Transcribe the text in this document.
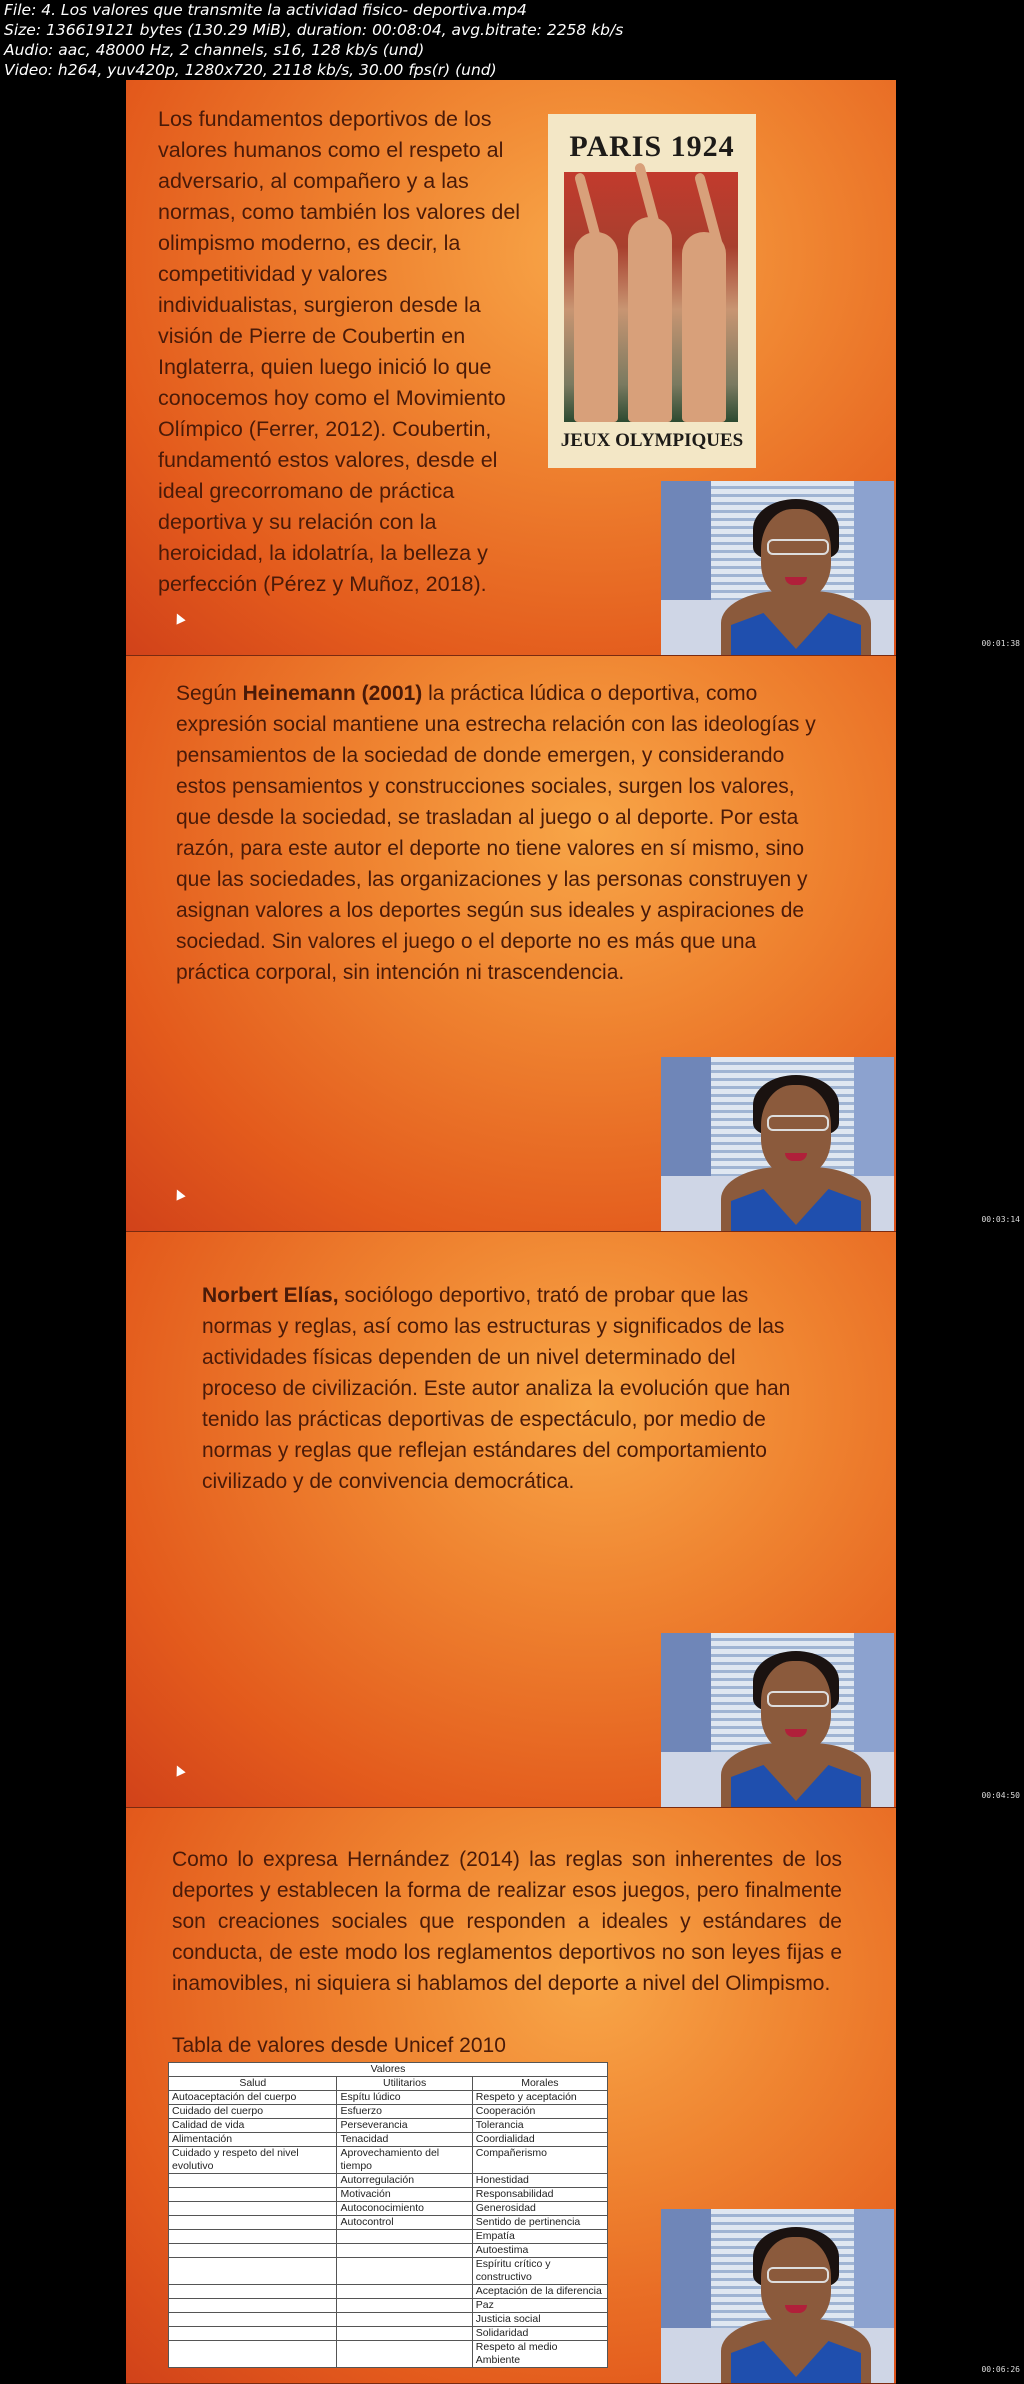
File: 4. Los valores que transmite la actividad fisico- deportiva.mp4
Size: 136619121 bytes (130.29 MiB), duration: 00:08:04, avg.bitrate: 2258 kb/s
Audio: aac, 48000 Hz, 2 channels, s16, 128 kb/s (und)
Video: h264, yuv420p, 1280x720, 2118 kb/s, 30.00 fps(r) (und)
Los fundamentos deportivos de los valores humanos como el respeto al adversario, al compañero y a las normas, como también los valores del olimpismo moderno, es decir, la competitividad y valores individualistas, surgieron desde la visión de Pierre de Coubertin en Inglaterra, quien luego inició lo que conocemos hoy como el Movimiento Olímpico (Ferrer, 2012). Coubertin, fundamentó estos valores, desde el ideal grecorromano de práctica deportiva y su relación con la heroicidad, la idolatría, la belleza y perfección (Pérez y Muñoz, 2018).
PARIS 1924
JEUX OLYMPIQUES
00:01:38
Según Heinemann (2001) la práctica lúdica o deportiva, como expresión social mantiene una estrecha relación con las ideologías y pensamientos de la sociedad de donde emergen, y considerando estos pensamientos y construcciones sociales, surgen los valores, que desde la sociedad, se trasladan al juego o al deporte. Por esta razón, para este autor el deporte no tiene valores en sí mismo, sino que las sociedades, las organizaciones y las personas construyen y asignan valores a los deportes según sus ideales y aspiraciones de sociedad. Sin valores el juego o el deporte no es más que una práctica corporal, sin intención ni trascendencia.
00:03:14
Norbert Elías, sociólogo deportivo, trató de probar que las normas y reglas, así como las estructuras y significados de las actividades físicas dependen de un nivel determinado del proceso de civilización. Este autor analiza la evolución que han tenido las prácticas deportivas de espectáculo, por medio de normas y reglas que reflejan estándares del comportamiento civilizado y de convivencia democrática.
00:04:50
Como lo expresa Hernández (2014) las reglas son inherentes de los deportes y establecen la forma de realizar esos juegos, pero finalmente son creaciones sociales que responden a ideales y estándares de conducta, de este modo los reglamentos deportivos no son leyes fijas e inamovibles, ni siquiera si hablamos del deporte a nivel del Olimpismo.
Tabla de valores desde Unicef 2010
Valores		
Salud	Utilitarios	Morales
Autoaceptación del cuerpo	Espítu lúdico	Respeto y aceptación
Cuidado del cuerpo	Esfuerzo	Cooperación
Calidad de vida	Perseverancia	Tolerancia
Alimentación	Tenacidad	Coordialidad
Cuidado y respeto del nivel evolutivo	Aprovechamiento del tiempo	Compañerismo
	Autorregulación	Honestidad
	Motivación	Responsabilidad
	Autoconocimiento	Generosidad
	Autocontrol	Sentido de pertinencia
		Empatía
		Autoestima
		Espíritu crítico y constructivo
		Aceptación de la diferencia
		Paz
		Justicia social
		Solidaridad
		Respeto al medio Ambiente
00:06:26
